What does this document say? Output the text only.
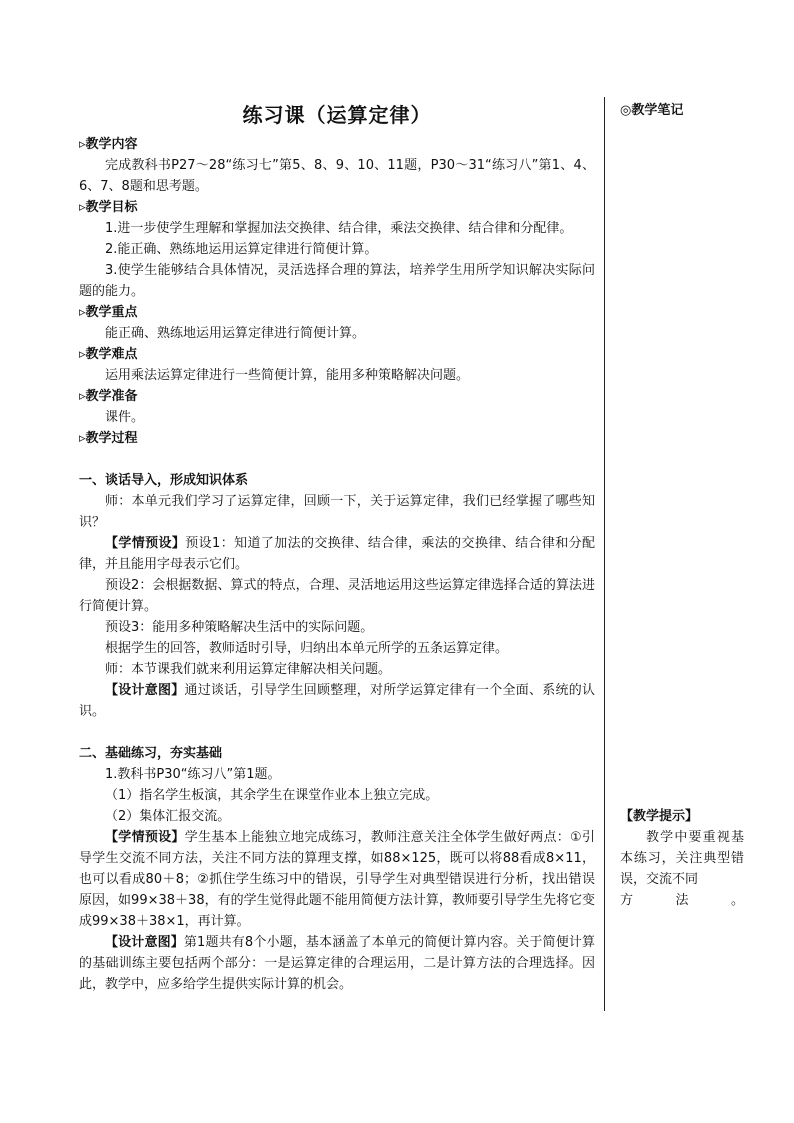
练习课（运算定律）
▹教学内容
完成教科书P27～28“练习七”第5、8、9、10、11题，P30～31“练习八”第1、4、6、7、8题和思考题。
▹教学目标
1.进一步使学生理解和掌握加法交换律、结合律，乘法交换律、结合律和分配律。
2.能正确、熟练地运用运算定律进行简便计算。
3.使学生能够结合具体情况，灵活选择合理的算法，培养学生用所学知识解决实际问题的能力。
▹教学重点
能正确、熟练地运用运算定律进行简便计算。
▹教学难点
运用乘法运算定律进行一些简便计算，能用多种策略解决问题。
▹教学准备
课件。
▹教学过程
一、谈话导入，形成知识体系
师：本单元我们学习了运算定律，回顾一下，关于运算定律，我们已经掌握了哪些知识？
【学情预设】预设1：知道了加法的交换律、结合律，乘法的交换律、结合律和分配律，并且能用字母表示它们。
预设2：会根据数据、算式的特点，合理、灵活地运用这些运算定律选择合适的算法进行简便计算。
预设3：能用多种策略解决生活中的实际问题。
根据学生的回答，教师适时引导，归纳出本单元所学的五条运算定律。
师：本节课我们就来利用运算定律解决相关问题。
【设计意图】通过谈话，引导学生回顾整理，对所学运算定律有一个全面、系统的认识。
二、基础练习，夯实基础
1.教科书P30“练习八”第1题。
（1）指名学生板演，其余学生在课堂作业本上独立完成。
（2）集体汇报交流。
【学情预设】学生基本上能独立地完成练习，教师注意关注全体学生做好两点：①引导学生交流不同方法，关注不同方法的算理支撑，如88×125，既可以将88看成8×11，也可以看成80＋8；②抓住学生练习中的错误，引导学生对典型错误进行分析，找出错误原因，如99×38＋38，有的学生觉得此题不能用简便方法计算，教师要引导学生先将它变成99×38＋38×1，再计算。
【设计意图】第1题共有8个小题，基本涵盖了本单元的简便计算内容。关于简便计算的基础训练主要包括两个部分：一是运算定律的合理运用，二是计算方法的合理选择。因此，教学中，应多给学生提供实际计算的机会。
◎教学笔记
【教学提示】
教学中要重视基本练习，关注典型错误，交流不同
方法。
